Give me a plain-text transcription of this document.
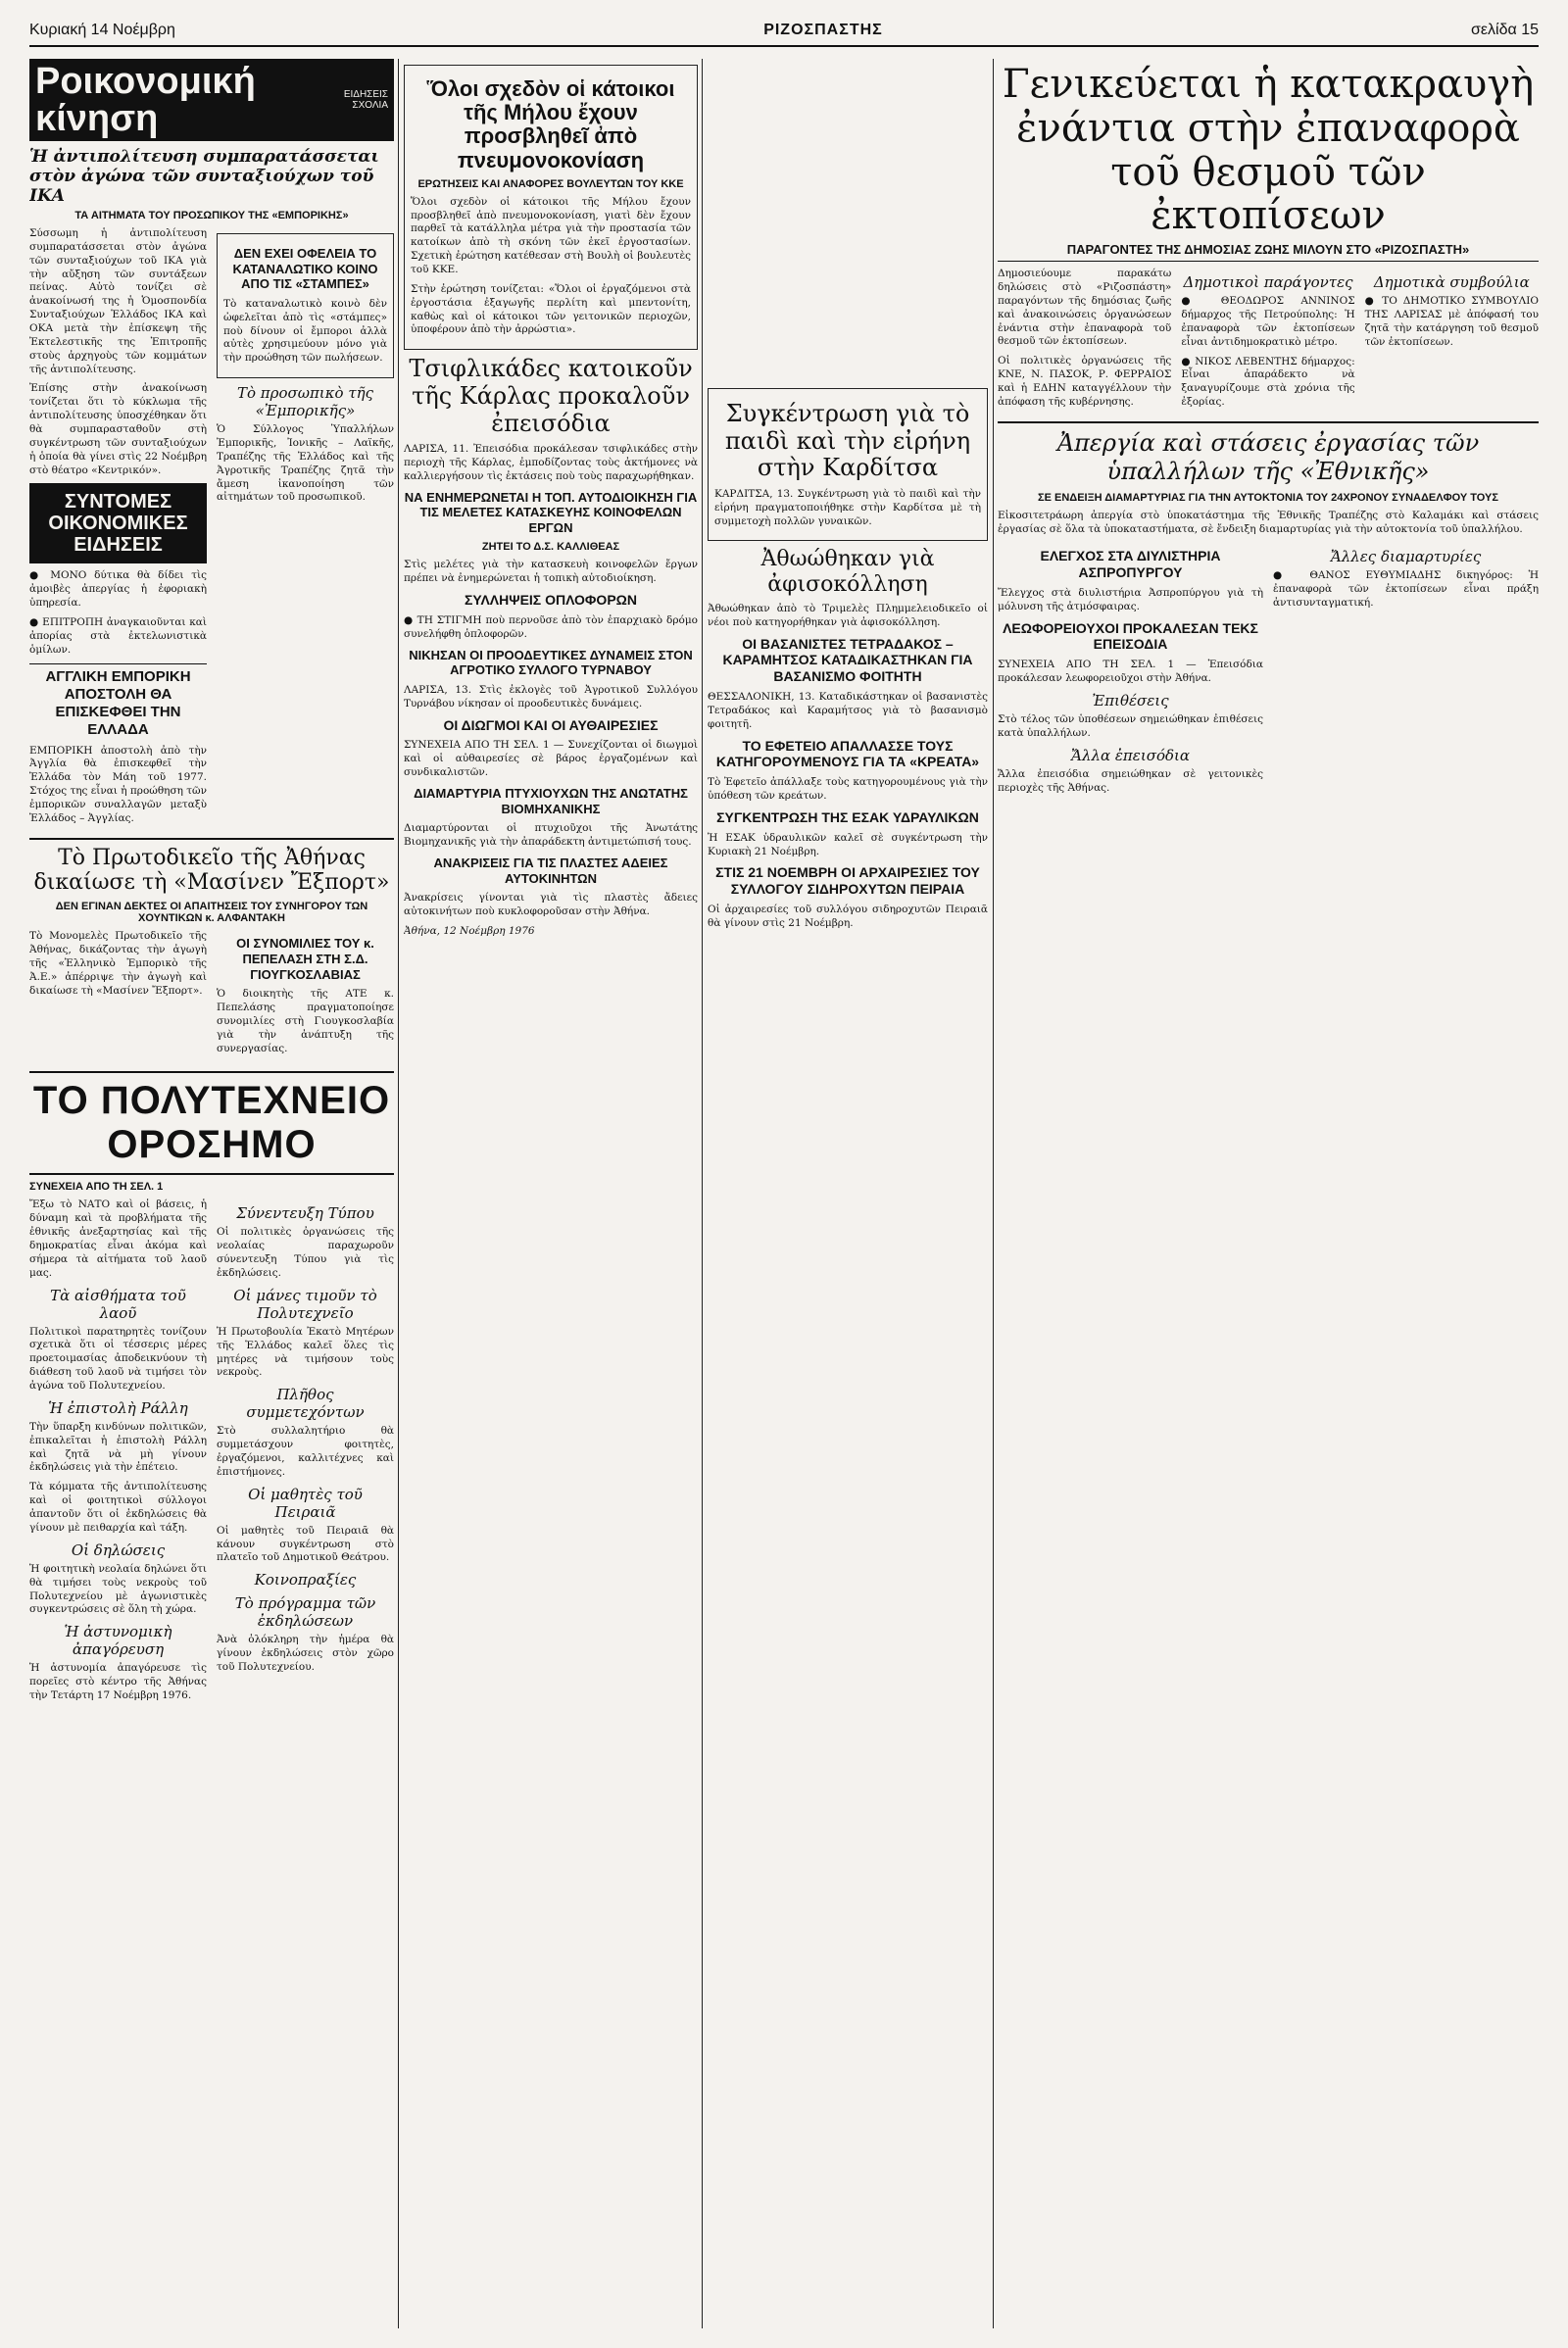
Κυριακή 14 Νοέμβρη	ΡΙΖΟΣΠΑΣΤΗΣ	σελίδα 15
Ροικονομική κίνηση
ΕΙΔΗΣΕΙΣ ΣΧΟΛΙΑ
Ἡ ἀντιπολίτευση συμπαρατάσσεται στὸν ἀγώνα τῶν συνταξιούχων τοῦ ΙΚΑ
ΤΑ ΑΙΤΗΜΑΤΑ ΤΟΥ ΠΡΟΣΩΠΙΚΟΥ ΤΗΣ «ΕΜΠΟΡΙΚΗΣ»

Σύσσωμη ἡ ἀντιπολίτευση συμπαρατάσσεται στὸν ἀγώνα τῶν συνταξιούχων τοῦ ΙΚΑ γιὰ τὴν αὔξηση τῶν συντάξεων πείνας. Αὐτὸ τονίζει σὲ ἀνακοίνωσή της ἡ Ὁμοσπονδία Συνταξιούχων Ἑλλάδος ΙΚΑ καὶ ΟΚΑ μετὰ τὴν ἐπίσκεψη τῆς Ἐκτελεστικῆς της Ἐπιτροπῆς στοὺς ἀρχηγοὺς τῶν κομμάτων τῆς ἀντιπολίτευσης.

Ἐπίσης στὴν ἀνακοίνωση τονίζεται ὅτι τὸ κύκλωμα τῆς ἀντιπολίτευσης ὑποσχέθηκαν ὅτι θὰ συμπαρασταθοῦν στὴ συγκέντρωση τῶν συνταξιούχων ἡ ὁποία θὰ γίνει στὶς 22 Νοέμβρη στὸ θέατρο «Κεντρικόν».

ΣΥΝΤΟΜΕΣ ΟΙΚΟΝΟΜΙΚΕΣ ΕΙΔΗΣΕΙΣ

● ΜΟΝΟ δύτικα θὰ δίδει τὶς ἀμοιβὲς ἀπεργίας ἡ ἐφοριακὴ ὑπηρεσία.

● ΕΠΙΤΡΟΠΗ ἀναγκαιοῦνται καὶ ἀπορίας στὰ ἐκτελωνιστικὰ ὁμίλων.

ΑΓΓΛΙΚΗ ΕΜΠΟΡΙΚΗ ΑΠΟΣΤΟΛΗ ΘΑ ΕΠΙΣΚΕΦΘΕΙ ΤΗΝ ΕΛΛΑΔΑ

ΕΜΠΟΡΙΚΗ ἀποστολὴ ἀπὸ τὴν Ἀγγλία θὰ ἐπισκεφθεῖ τὴν Ἑλλάδα τὸν Μάη τοῦ 1977. Στόχος της εἶναι ἡ προώθηση τῶν ἐμπορικῶν συναλλαγῶν μεταξὺ Ἑλλάδος – Ἀγγλίας.

ΔΕΝ ΕΧΕΙ ΟΦΕΛΕΙΑ ΤΟ ΚΑΤΑΝΑΛΩΤΙΚΟ ΚΟΙΝΟ ΑΠΟ ΤΙΣ «ΣΤΑΜΠΕΣ»

Τὸ καταναλωτικὸ κοινὸ δὲν ὠφελεῖται ἀπὸ τὶς «στάμπες» ποὺ δίνουν οἱ ἔμποροι ἀλλὰ αὐτὲς χρησιμεύουν μόνο γιὰ τὴν προώθηση τῶν πωλήσεων.

Τὸ προσωπικὸ τῆς «Ἐμπορικῆς»

Ὁ Σύλλογος Ὑπαλλήλων Ἐμπορικῆς, Ἰονικῆς – Λαϊκῆς, Τραπέζης τῆς Ἑλλάδος καὶ τῆς Ἀγροτικῆς Τραπέζης ζητᾶ τὴν ἄμεση ἱκανοποίηση τῶν αἰτημάτων τοῦ προσωπικοῦ.

Τὸ Πρωτοδικεῖο τῆς Ἀθήνας δικαίωσε τὴ «Μασίνεν Ἔξπορτ»
ΔΕΝ ΕΓΙΝΑΝ ΔΕΚΤΕΣ ΟΙ ΑΠΑΙΤΗΣΕΙΣ ΤΟΥ ΣΥΝΗΓΟΡΟΥ ΤΩΝ ΧΟΥΝΤΙΚΩΝ κ. ΑΛΦΑΝΤΑΚΗ

Τὸ Μονομελὲς Πρωτοδικεῖο τῆς Ἀθήνας, δικάζοντας τὴν ἀγωγὴ τῆς «Ἐλληνικὸ Ἐμπορικὸ τῆς Ἀ.Ε.» ἀπέρριψε τὴν ἀγωγὴ καὶ δικαίωσε τὴ «Μασίνεν Ἔξπορτ».

ΟΙ ΣΥΝΟΜΙΛΙΕΣ ΤΟΥ κ. ΠΕΠΕΛΑΣΗ ΣΤΗ Σ.Δ. ΓΙΟΥΓΚΟΣΛΑΒΙΑΣ

Ὁ διοικητὴς τῆς ΑΤΕ κ. Πεπελάσης πραγματοποίησε συνομιλίες στὴ Γιουγκοσλαβία γιὰ τὴν ἀνάπτυξη τῆς συνεργασίας.

ΤΟ ΠΟΛΥΤΕΧΝΕΙΟ ΟΡΟΣΗΜΟ
ΣΥΝΕΧΕΙΑ ΑΠΟ ΤΗ ΣΕΛ. 1

Ἔξω τὸ ΝΑΤΟ καὶ οἱ βάσεις, ἡ δύναμη καὶ τὰ προβλήματα τῆς ἐθνικῆς ἀνεξαρτησίας καὶ τῆς δημοκρατίας εἶναι ἀκόμα καὶ σήμερα τὰ αἰτήματα τοῦ λαοῦ μας.

Τὰ αἰσθήματα τοῦ λαοῦ

Πολιτικοὶ παρατηρητὲς τονίζουν σχετικὰ ὅτι οἱ τέσσερις μέρες προετοιμασίας ἀποδεικνύουν τὴ διάθεση τοῦ λαοῦ νὰ τιμήσει τὸν ἀγώνα τοῦ Πολυτεχνείου.

Ἡ ἐπιστολὴ Ράλλη

Τὴν ὕπαρξη κινδύνων πολιτικῶν, ἐπικαλεῖται ἡ ἐπιστολὴ Ράλλη καὶ ζητᾶ νὰ μὴ γίνουν ἐκδηλώσεις γιὰ τὴν ἐπέτειο.

Τὰ κόμματα τῆς ἀντιπολίτευσης καὶ οἱ φοιτητικοὶ σύλλογοι ἀπαντοῦν ὅτι οἱ ἐκδηλώσεις θὰ γίνουν μὲ πειθαρχία καὶ τάξη.

Οἱ δηλώσεις

Ἡ φοιτητικὴ νεολαία δηλώνει ὅτι θὰ τιμήσει τοὺς νεκροὺς τοῦ Πολυτεχνείου μὲ ἀγωνιστικὲς συγκεντρώσεις σὲ ὅλη τὴ χώρα.

Ἡ ἀστυνομικὴ ἀπαγόρευση

Ἡ ἀστυνομία ἀπαγόρευσε τὶς πορεῖες στὸ κέντρο τῆς Ἀθήνας τὴν Τετάρτη 17 Νοέμβρη 1976.

Σύνεντευξη Τύπου

Οἱ πολιτικὲς ὀργανώσεις τῆς νεολαίας παραχωροῦν σύνεντευξη Τύπου γιὰ τὶς ἐκδηλώσεις.

Οἱ μάνες τιμοῦν τὸ Πολυτεχνεῖο

Ἡ Πρωτοβουλία Ἐκατὸ Μητέρων τῆς Ἑλλάδος καλεῖ ὅλες τὶς μητέρες νὰ τιμήσουν τοὺς νεκροὺς.

Πλῆθος συμμετεχόντων

Στὸ συλλαλητήριο θὰ συμμετάσχουν φοιτητὲς, ἐργαζόμενοι, καλλιτέχνες καὶ ἐπιστήμονες.

Οἱ μαθητὲς τοῦ Πειραιᾶ

Οἱ μαθητὲς τοῦ Πειραιᾶ θὰ κάνουν συγκέντρωση στὸ πλατεῖο τοῦ Δημοτικοῦ Θεάτρου.

Κοινοπραξίες
Τὸ πρόγραμμα τῶν ἐκδηλώσεων

Ἀνὰ ὀλόκληρη τὴν ἡμέρα θὰ γίνουν ἐκδηλώσεις στὸν χῶρο τοῦ Πολυτεχνείου.

Ὅλοι σχεδὸν οἱ κάτοικοι τῆς Μήλου ἔχουν προσβληθεῖ ἀπὸ πνευμονοκονίαση
ΕΡΩΤΗΣΕΙΣ ΚΑΙ ΑΝΑΦΟΡΕΣ ΒΟΥΛΕΥΤΩΝ ΤΟΥ ΚΚΕ

Ὅλοι σχεδὸν οἱ κάτοικοι τῆς Μήλου ἔχουν προσβληθεῖ ἀπὸ πνευμονοκονίαση, γιατὶ δὲν ἔχουν παρθεῖ τὰ κατάλληλα μέτρα γιὰ τὴν προστασία τῶν κατοίκων ἀπὸ τὴ σκόνη τῶν ἐκεῖ ἐργοστασίων. Σχετικὴ ἐρώτηση κατέθεσαν στὴ Βουλὴ οἱ βουλευτὲς τοῦ ΚΚΕ.

Στὴν ἐρώτηση τονίζεται: «Ὅλοι οἱ ἐργαζόμενοι στὰ ἐργοστάσια ἐξαγωγῆς περλίτη καὶ μπεντονίτη, καθὼς καὶ οἱ κάτοικοι τῶν γειτονικῶν περιοχῶν, ὑποφέρουν ἀπὸ τὴν ἀρρώστια».

Τσιφλικάδες κατοικοῦν τῆς Κάρλας προκαλοῦν ἐπεισόδια

ΛΑΡΙΣΑ, 11. Ἐπεισόδια προκάλεσαν τσιφλικάδες στὴν περιοχὴ τῆς Κάρλας, ἐμποδίζοντας τοὺς ἀκτήμονες νὰ καλλιεργήσουν τὶς ἐκτάσεις ποὺ τοὺς παραχωρήθηκαν.

ΝΑ ΕΝΗΜΕΡΩΝΕΤΑΙ Η ΤΟΠ. ΑΥΤΟΔΙΟΙΚΗΣΗ ΓΙΑ ΤΙΣ ΜΕΛΕΤΕΣ ΚΑΤΑΣΚΕΥΗΣ ΚΟΙΝΟΦΕΛΩΝ ΕΡΓΩΝ
ΖΗΤΕΙ ΤΟ Δ.Σ. ΚΑΛΛΙΘΕΑΣ

Στὶς μελέτες γιὰ τὴν κατασκευὴ κοινοφελῶν ἔργων πρέπει νὰ ἐνημερώνεται ἡ τοπικὴ αὐτοδιοίκηση.

ΣΥΛΛΗΨΕΙΣ ΟΠΛΟΦΟΡΩΝ

● ΤΗ ΣΤΙΓΜΗ ποὺ περνοῦσε ἀπὸ τὸν ἐπαρχιακὸ δρόμο συνελήφθη ὁπλοφορῶν.

ΝΙΚΗΣΑΝ ΟΙ ΠΡΟΟΔΕΥΤΙΚΕΣ ΔΥΝΑΜΕΙΣ ΣΤΟΝ ΑΓΡΟΤΙΚΟ ΣΥΛΛΟΓΟ ΤΥΡΝΑΒΟΥ

ΛΑΡΙΣΑ, 13. Στὶς ἐκλογὲς τοῦ Ἀγροτικοῦ Συλλόγου Τυρνάβου νίκησαν οἱ προοδευτικὲς δυνάμεις.

ΟΙ ΔΙΩΓΜΟΙ ΚΑΙ ΟΙ ΑΥΘΑΙΡΕΣΙΕΣ

ΣΥΝΕΧΕΙΑ ΑΠΟ ΤΗ ΣΕΛ. 1 — Συνεχίζονται οἱ διωγμοὶ καὶ οἱ αὐθαιρεσίες σὲ βάρος ἐργαζομένων καὶ συνδικαλιστῶν.

ΔΙΑΜΑΡΤΥΡΙΑ ΠΤΥΧΙΟΥΧΩΝ ΤΗΣ ΑΝΩΤΑΤΗΣ ΒΙΟΜΗΧΑΝΙΚΗΣ

Διαμαρτύρονται οἱ πτυχιοῦχοι τῆς Ἀνωτάτης Βιομηχανικῆς γιὰ τὴν ἀπαράδεκτη ἀντιμετώπισή τους.

ΑΝΑΚΡΙΣΕΙΣ ΓΙΑ ΤΙΣ ΠΛΑΣΤΕΣ ΑΔΕΙΕΣ ΑΥΤΟΚΙΝΗΤΩΝ

Ἀνακρίσεις γίνονται γιὰ τὶς πλαστὲς ἄδειες αὐτοκινήτων ποὺ κυκλοφοροῦσαν στὴν Ἀθήνα.

Ἀθήνα, 12 Νοέμβρη 1976

Συγκέντρωση γιὰ τὸ παιδὶ καὶ τὴν εἰρήνη στὴν Καρδίτσα

ΚΑΡΔΙΤΣΑ, 13. Συγκέντρωση γιὰ τὸ παιδὶ καὶ τὴν εἰρήνη πραγματοποιήθηκε στὴν Καρδίτσα μὲ τὴ συμμετοχὴ πολλῶν γυναικῶν.

Ἀθωώθηκαν γιὰ ἀφισοκόλληση

Ἀθωώθηκαν ἀπὸ τὸ Τριμελὲς Πλημμελειοδικεῖο οἱ νέοι ποὺ κατηγορήθηκαν γιὰ ἀφισοκόλληση.

ΟΙ ΒΑΣΑΝΙΣΤΕΣ ΤΕΤΡΑΔΑΚΟΣ – ΚΑΡΑΜΗΤΣΟΣ ΚΑΤΑΔΙΚΑΣΤΗΚΑΝ ΓΙΑ ΒΑΣΑΝΙΣΜΟ ΦΟΙΤΗΤΗ

ΘΕΣΣΑΛΟΝΙΚΗ, 13. Καταδικάστηκαν οἱ βασανιστὲς Τετραδάκος καὶ Καραμήτσος γιὰ τὸ βασανισμὸ φοιτητῆ.

ΤΟ ΕΦΕΤΕΙΟ ΑΠΑΛΛΑΣΣΕ ΤΟΥΣ ΚΑΤΗΓΟΡΟΥΜΕΝΟΥΣ ΓΙΑ ΤΑ «ΚΡΕΑΤΑ»

Τὸ Ἐφετεῖο ἀπάλλαξε τοὺς κατηγορουμένους γιὰ τὴν ὑπόθεση τῶν κρεάτων.

ΣΥΓΚΕΝΤΡΩΣΗ ΤΗΣ ΕΣΑΚ ΥΔΡΑΥΛΙΚΩΝ

Ἡ ΕΣΑΚ ὑδραυλικῶν καλεῖ σὲ συγκέντρωση τὴν Κυριακὴ 21 Νοέμβρη.

ΣΤΙΣ 21 ΝΟΕΜΒΡΗ ΟΙ ΑΡΧΑΙΡΕΣΙΕΣ ΤΟΥ ΣΥΛΛΟΓΟΥ ΣΙΔΗΡΟΧΥΤΩΝ ΠΕΙΡΑΙΑ

Οἱ ἀρχαιρεσίες τοῦ συλλόγου σιδηροχυτῶν Πειραιᾶ θὰ γίνουν στὶς 21 Νοέμβρη.

Γενικεύεται ἡ κατακραυγὴ ἐνάντια στὴν ἐπαναφορὰ τοῦ θεσμοῦ τῶν ἐκτοπίσεων
ΠΑΡΑΓΟΝΤΕΣ ΤΗΣ ΔΗΜΟΣΙΑΣ ΖΩΗΣ ΜΙΛΟΥΝ ΣΤΟ «ΡΙΖΟΣΠΑΣΤΗ»

Δημοσιεύουμε παρακάτω δηλώσεις στὸ «Ριζοσπάστη» παραγόντων τῆς δημόσιας ζωῆς καὶ ἀνακοινώσεις ὀργανώσεων ἐνάντια στὴν ἐπαναφορὰ τοῦ θεσμοῦ τῶν ἐκτοπίσεων.

Οἱ πολιτικὲς ὀργανώσεις τῆς ΚΝΕ, Ν. ΠΑΣΟΚ, Ρ. ΦΕΡΡΑΙΟΣ καὶ ἡ ΕΔΗΝ καταγγέλλουν τὴν ἀπόφαση τῆς κυβέρνησης.

Δημοτικοὶ παράγοντες

● ΘΕΟΔΩΡΟΣ ΑΝΝΙΝΟΣ δήμαρχος τῆς Πετρούπολης: Ἡ ἐπαναφορὰ τῶν ἐκτοπίσεων εἶναι ἀντιδημοκρατικὸ μέτρο.

● ΝΙΚΟΣ ΛΕΒΕΝΤΗΣ δήμαρχος: Εἶναι ἀπαράδεκτο νὰ ξαναγυρίζουμε στὰ χρόνια τῆς ἐξορίας.

Δημοτικὰ συμβούλια

● ΤΟ ΔΗΜΟΤΙΚΟ ΣΥΜΒΟΥΛΙΟ ΤΗΣ ΛΑΡΙΣΑΣ μὲ ἀπόφασή του ζητᾶ τὴν κατάργηση τοῦ θεσμοῦ τῶν ἐκτοπίσεων.

Ἀπεργία καὶ στάσεις ἐργασίας τῶν ὑπαλλήλων τῆς «Ἐθνικῆς»
ΣΕ ΕΝΔΕΙΞΗ ΔΙΑΜΑΡΤΥΡΙΑΣ ΓΙΑ ΤΗΝ ΑΥΤΟΚΤΟΝΙΑ ΤΟΥ 24ΧΡΟΝΟΥ ΣΥΝΑΔΕΛΦΟΥ ΤΟΥΣ

Εἰκοσιτετράωρη ἀπεργία στὸ ὑποκατάστημα τῆς Ἐθνικῆς Τραπέζης στὸ Καλαμάκι καὶ στάσεις ἐργασίας σὲ ὅλα τὰ ὑποκαταστήματα, σὲ ἔνδειξη διαμαρτυρίας γιὰ τὴν αὐτοκτονία τοῦ ὑπαλλήλου.

ΕΛΕΓΧΟΣ ΣΤΑ ΔΙΥΛΙΣΤΗΡΙΑ ΑΣΠΡΟΠΥΡΓΟΥ

Ἔλεγχος στὰ διυλιστήρια Ἀσπροπύργου γιὰ τὴ μόλυνση τῆς ἀτμόσφαιρας.

ΛΕΩΦΟΡΕΙΟΥΧΟΙ ΠΡΟΚΑΛΕΣΑΝ ΤΕΚΣ ΕΠΕΙΣΟΔΙΑ

ΣΥΝΕΧΕΙΑ ΑΠΟ ΤΗ ΣΕΛ. 1 — Ἐπεισόδια προκάλεσαν λεωφορειοῦχοι στὴν Ἀθήνα.

Ἐπιθέσεις

Στὸ τέλος τῶν ὑποθέσεων σημειώθηκαν ἐπιθέσεις κατὰ ὑπαλλήλων.

Ἄλλα ἐπεισόδια

Ἄλλα ἐπεισόδια σημειώθηκαν σὲ γειτονικὲς περιοχὲς τῆς Ἀθήνας.

Ἄλλες διαμαρτυρίες

● ΘΑΝΟΣ ΕΥΘΥΜΙΑΔΗΣ δικηγόρος: Ἡ ἐπαναφορὰ τῶν ἐκτοπίσεων εἶναι πράξη ἀντισυνταγματική.
